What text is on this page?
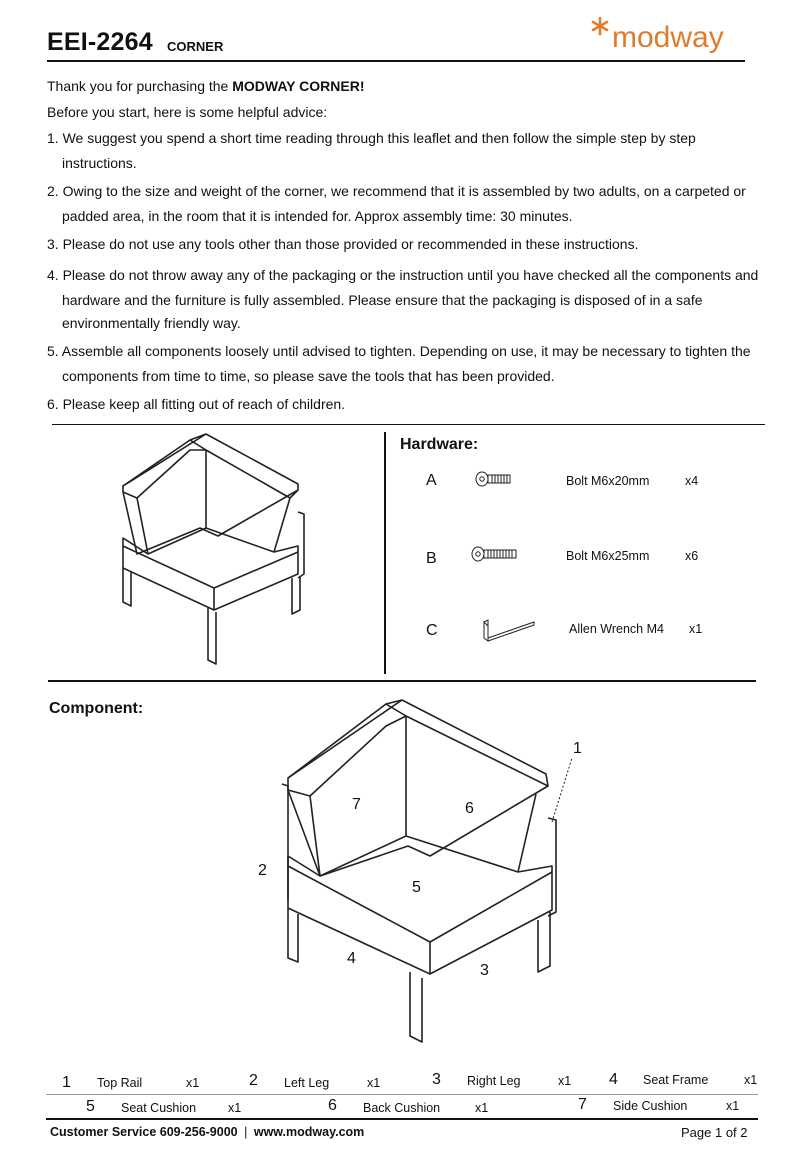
EEI-2264 CORNER	modway
Thank you for purchasing the MODWAY CORNER!
Before you start, here is some helpful advice:
1. We suggest you spend a short time reading through this leaflet and then follow the simple step by step
instructions.
2. Owing to the size and weight of the corner, we recommend that it is assembled by two adults, on a carpeted or
padded area, in the room that it is intended for. Approx assembly time: 30 minutes.
3. Please do not use any tools other than those provided or recommended in these instructions.
4. Please do not throw away any of the packaging or the instruction until you have checked all the components and
hardware and the furniture is fully assembled. Please ensure that the packaging is disposed of in a safe
environmentally friendly way.
5. Assemble all components loosely until advised to tighten. Depending on use, it may be necessary to tighten the
components from time to time, so please save the tools that has been provided.
6. Please keep all fitting out of reach of children.
Hardware:
A	Bolt M6x20mm	x4
B	Bolt M6x25mm	x6
C	Allen Wrench M4 x1
Component:
1
2
3
4
5
6
7
1 Top Rail	x1	2 Left Leg	x1	3 Right Leg	x1 4 Seat Frame	x1
5 Seat Cushion	x1	6 Back Cushion	x1	7 Side Cushion	x1
Customer Service 609-256-9000 | www.modway.com	Page 1 of 2
